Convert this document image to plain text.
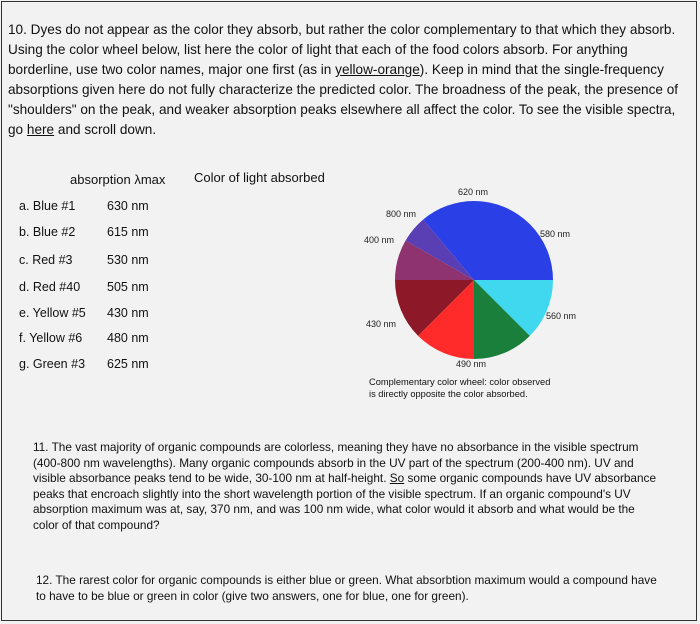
10. Dyes do not appear as the color they absorb, but rather the color complementary to that which they absorb. Using the color wheel below, list here the color of light that each of the food colors absorb. For anything borderline, use two color names, major one first (as in yellow-orange). Keep in mind that the single-frequency absorptions given here do not fully characterize the predicted color. The broadness of the peak, the presence of "shoulders" on the peak, and weaker absorption peaks elsewhere all affect the color. To see the visible spectra, go here and scroll down.
absorption λmax Color of light absorbed
a. Blue #1	630 nm
b. Blue #2	615 nm
c. Red #3	530 nm
d. Red #40 505 nm
e. Yellow #5 430 nm
f. Yellow #6 480 nm
g. Green #3 625 nm
620 nm
800 nm
400 nm
580 nm
430 nm
560 nm
490 nm
Complementary color wheel: color observed
is directly opposite the color absorbed.
11. The vast majority of organic compounds are colorless, meaning they have no absorbance in the visible spectrum (400-800 nm wavelengths). Many organic compounds absorb in the UV part of the spectrum (200-400 nm). UV and visible absorbance peaks tend to be wide, 30-100 nm at half-height. So some organic compounds have UV absorbance peaks that encroach slightly into the short wavelength portion of the visible spectrum. If an organic compound's UV absorption maximum was at, say, 370 nm, and was 100 nm wide, what color would it absorb and what would be the color of that compound?
12. The rarest color for organic compounds is either blue or green. What absorbtion maximum would a compound have to have to be blue or green in color (give two answers, one for blue, one for green).
